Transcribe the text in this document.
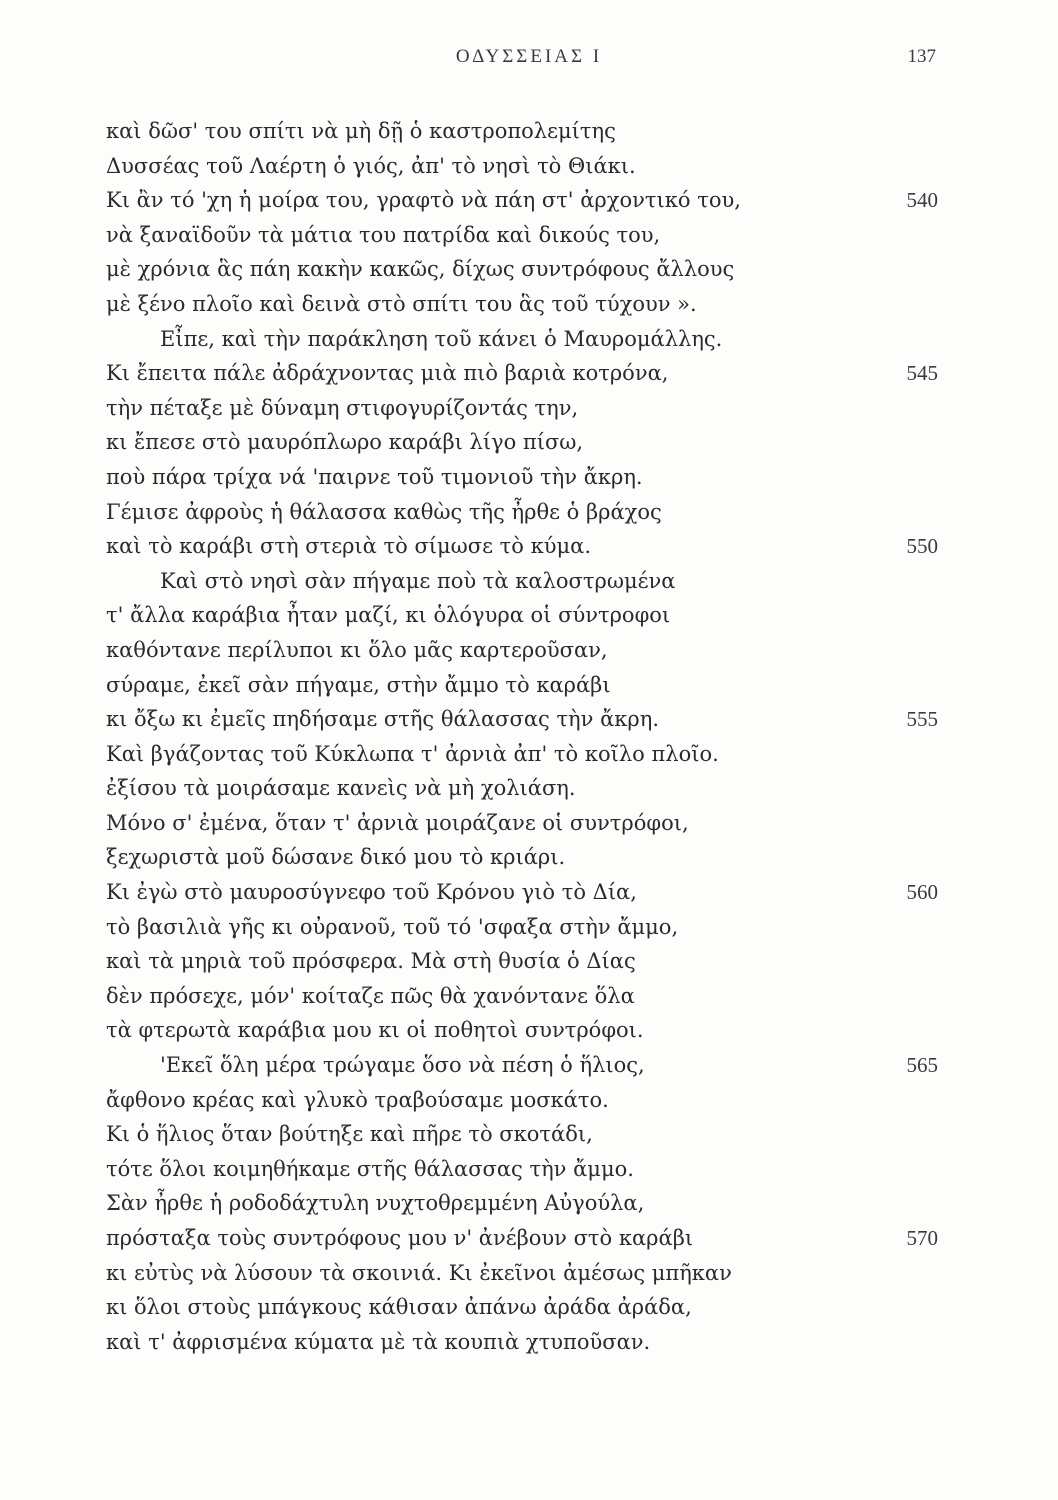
ΟΔΥΣΣΕΙΑΣ Ι	137
καὶ δῶσ' του σπίτι νὰ μὴ δῇ ὁ καστροπολεμίτης
Δυσσέας τοῦ Λαέρτη ὁ γιός, ἀπ' τὸ νησὶ τὸ Θιάκι.
Κι ἂν τό 'χη ἡ μοίρα του, γραφτὸ νὰ πάη στ' ἀρχοντικό του,	540
νὰ ξαναϊδοῦν τὰ μάτια του πατρίδα καὶ δικούς του,
μὲ χρόνια ἃς πάη κακὴν κακῶς, δίχως συντρόφους ἄλλους
μὲ ξένο πλοῖο καὶ δεινὰ στὸ σπίτι του ἃς τοῦ τύχουν ».
Εἶπε, καὶ τὴν παράκληση τοῦ κάνει ὁ Μαυρομάλλης.
Κι ἔπειτα πάλε ἀδράχνοντας μιὰ πιὸ βαριὰ κοτρόνα,	545
τὴν πέταξε μὲ δύναμη στιφογυρίζοντάς την,
κι ἔπεσε στὸ μαυρόπλωρο καράβι λίγο πίσω,
ποὺ πάρα τρίχα νά 'παιρνε τοῦ τιμονιοῦ τὴν ἄκρη.
Γέμισε ἀφροὺς ἡ θάλασσα καθὼς τῆς ἦρθε ὁ βράχος
καὶ τὸ καράβι στὴ στεριὰ τὸ σίμωσε τὸ κύμα.	550
Καὶ στὸ νησὶ σὰν πήγαμε ποὺ τὰ καλοστρωμένα
τ' ἄλλα καράβια ἦταν μαζί, κι ὁλόγυρα οἱ σύντροφοι
καθόντανε περίλυποι κι ὅλο μᾶς καρτεροῦσαν,
σύραμε, ἐκεῖ σὰν πήγαμε, στὴν ἄμμο τὸ καράβι
κι ὄξω κι ἐμεῖς πηδήσαμε στῆς θάλασσας τὴν ἄκρη.	555
Καὶ βγάζοντας τοῦ Κύκλωπα τ' ἀρνιὰ ἀπ' τὸ κοῖλο πλοῖο.
ἐξίσου τὰ μοιράσαμε κανεὶς νὰ μὴ χολιάση.
Μόνο σ' ἐμένα, ὅταν τ' ἀρνιὰ μοιράζανε οἱ συντρόφοι,
ξεχωριστὰ μοῦ δώσανε δικό μου τὸ κριάρι.
Κι ἐγὼ στὸ μαυροσύγνεφο τοῦ Κρόνου γιὸ τὸ Δία,	560
τὸ βασιλιὰ γῆς κι οὐρανοῦ, τοῦ τό 'σφαξα στὴν ἄμμο,
καὶ τὰ μηριὰ τοῦ πρόσφερα. Μὰ στὴ θυσία ὁ Δίας
δὲν πρόσεχε, μόν' κοίταζε πῶς θὰ χανόντανε ὅλα
τὰ φτερωτὰ καράβια μου κι οἱ ποθητοὶ συντρόφοι.
'Εκεῖ ὅλη μέρα τρώγαμε ὅσο νὰ πέση ὁ ἥλιος,	565
ἄφθονο κρέας καὶ γλυκὸ τραβούσαμε μοσκάτο.
Κι ὁ ἥλιος ὅταν βούτηξε καὶ πῆρε τὸ σκοτάδι,
τότε ὅλοι κοιμηθήκαμε στῆς θάλασσας τὴν ἄμμο.
Σὰν ἦρθε ἡ ροδοδάχτυλη νυχτοθρεμμένη Αὐγούλα,
πρόσταξα τοὺς συντρόφους μου ν' ἀνέβουν στὸ καράβι	570
κι εὐτὺς νὰ λύσουν τὰ σκοινιά. Κι ἐκεῖνοι ἀμέσως μπῆκαν
κι ὅλοι στοὺς μπάγκους κάθισαν ἀπάνω ἀράδα ἀράδα,
καὶ τ' ἀφρισμένα κύματα μὲ τὰ κουπιὰ χτυποῦσαν.
